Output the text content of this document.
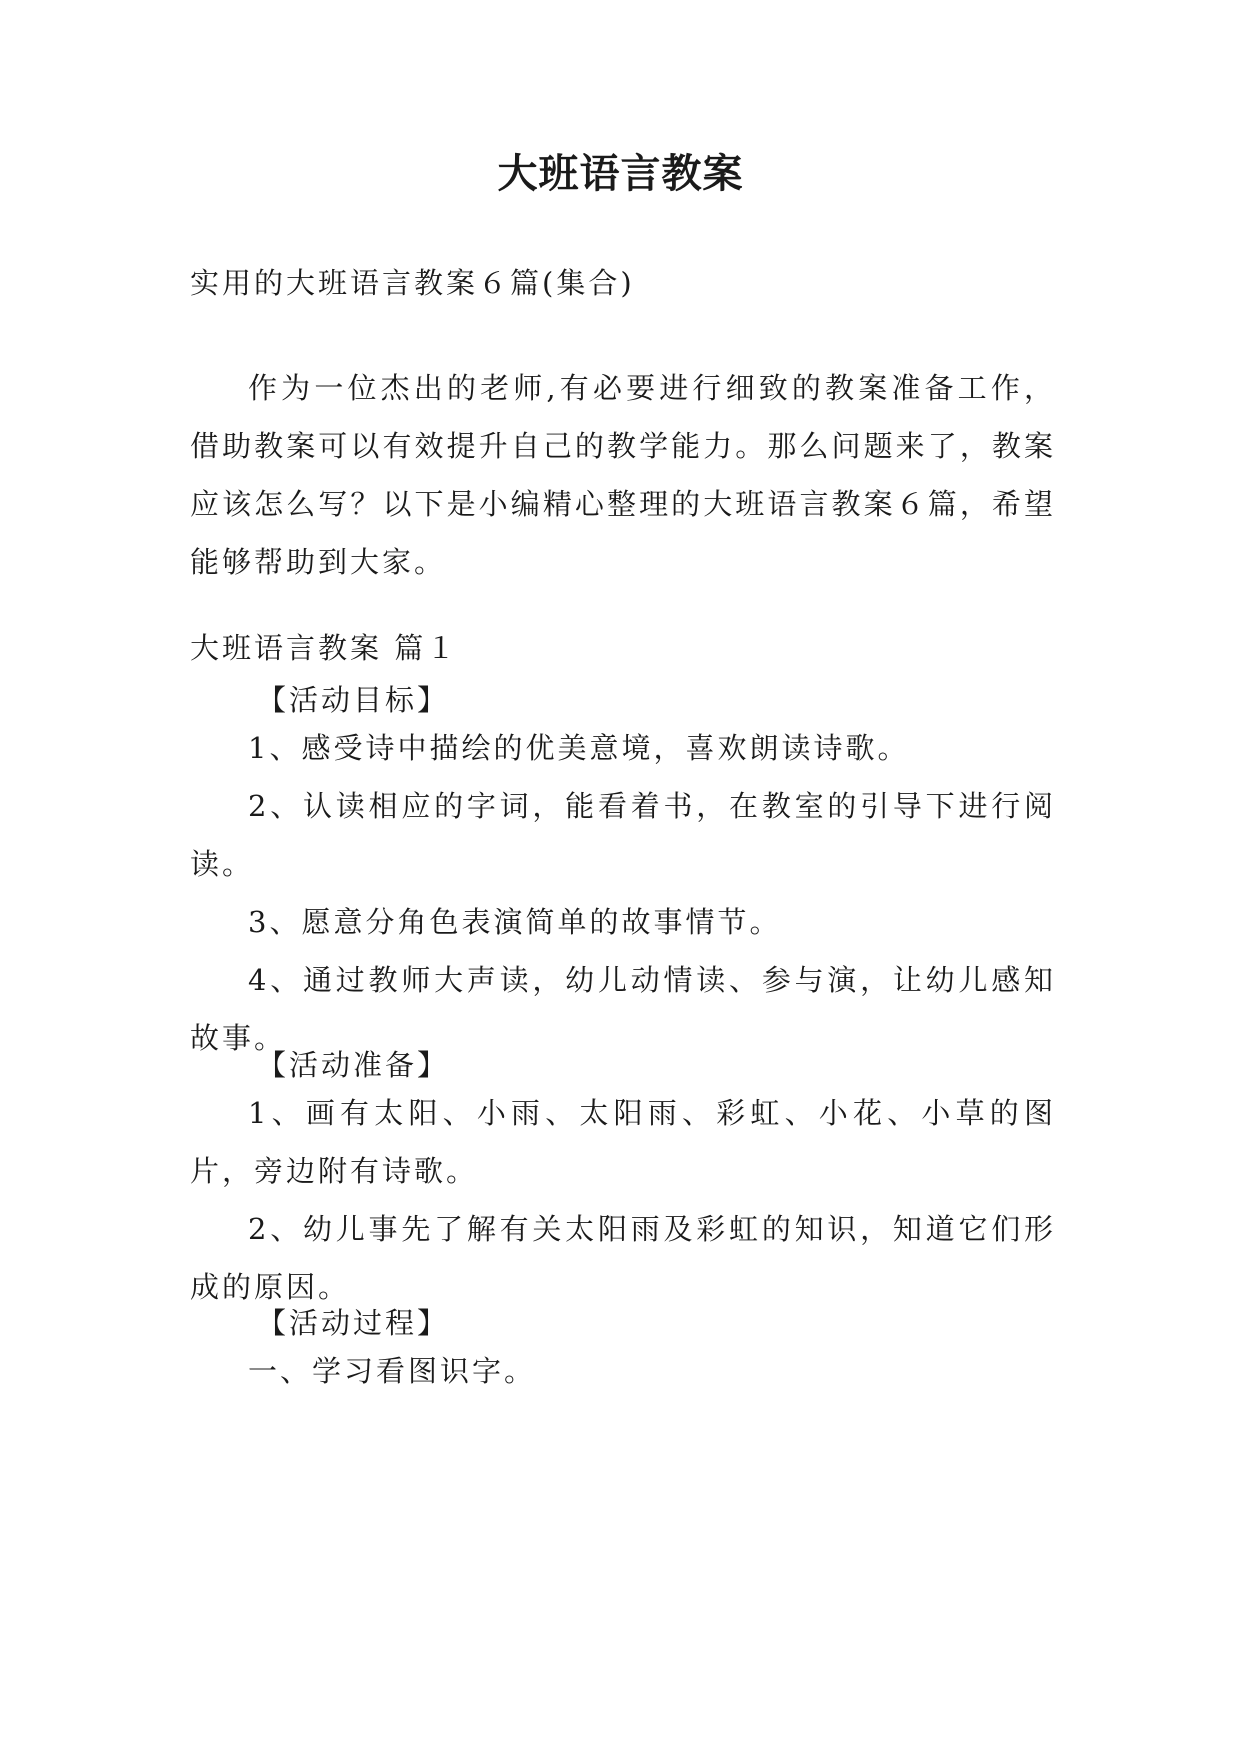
大班语言教案
实用的大班语言教案６篇(集合)
作为一位杰出的老师,有必要进行细致的教案准备工作，借助教案可以有效提升自己的教学能力。那么问题来了，教案应该怎么写？以下是小编精心整理的大班语言教案６篇，希望能够帮助到大家。
大班语言教案 篇１
【活动目标】
1、感受诗中描绘的优美意境，喜欢朗读诗歌。
2、认读相应的字词，能看着书，在教室的引导下进行阅读。
3、愿意分角色表演简单的故事情节。
4、通过教师大声读，幼儿动情读、参与演，让幼儿感知故事。
【活动准备】
1、画有太阳、小雨、太阳雨、彩虹、小花、小草的图片，旁边附有诗歌。
2、幼儿事先了解有关太阳雨及彩虹的知识，知道它们形成的原因。
【活动过程】
一、学习看图识字。
